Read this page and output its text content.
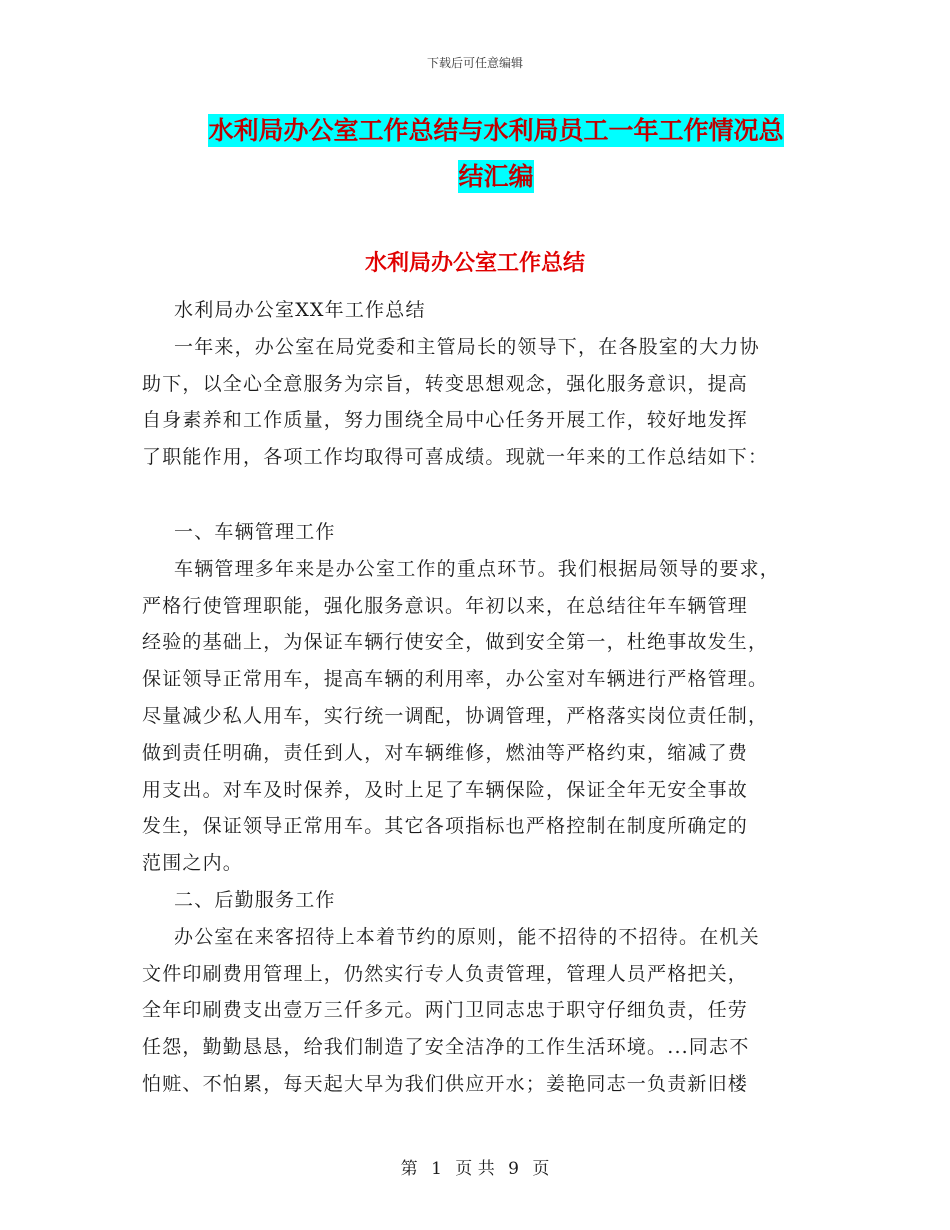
下载后可任意编辑
水利局办公室工作总结与水利局员工一年工作情况总
结汇编
水利局办公室工作总结
水利局办公室XX年工作总结
一年来，办公室在局党委和主管局长的领导下，在各股室的大力协
助下，以全心全意服务为宗旨，转变思想观念，强化服务意识，提高
自身素养和工作质量，努力围绕全局中心任务开展工作，较好地发挥
了职能作用，各项工作均取得可喜成绩。现就一年来的工作总结如下：
一、车辆管理工作
车辆管理多年来是办公室工作的重点环节。我们根据局领导的要求，
严格行使管理职能，强化服务意识。年初以来，在总结往年车辆管理
经验的基础上，为保证车辆行使安全，做到安全第一，杜绝事故发生，
保证领导正常用车，提高车辆的利用率，办公室对车辆进行严格管理。
尽量减少私人用车，实行统一调配，协调管理，严格落实岗位责任制，
做到责任明确，责任到人，对车辆维修，燃油等严格约束，缩减了费
用支出。对车及时保养，及时上足了车辆保险，保证全年无安全事故
发生，保证领导正常用车。其它各项指标也严格控制在制度所确定的
范围之内。
二、后勤服务工作
办公室在来客招待上本着节约的原则，能不招待的不招待。在机关
文件印刷费用管理上，仍然实行专人负责管理，管理人员严格把关，
全年印刷费支出壹万三仟多元。两门卫同志忠于职守仔细负责，任劳
任怨，勤勤恳恳，给我们制造了安全洁净的工作生活环境。...同志不
怕赃、不怕累，每天起大早为我们供应开水；姜艳同志一负责新旧楼
第 1 页 共 9 页
